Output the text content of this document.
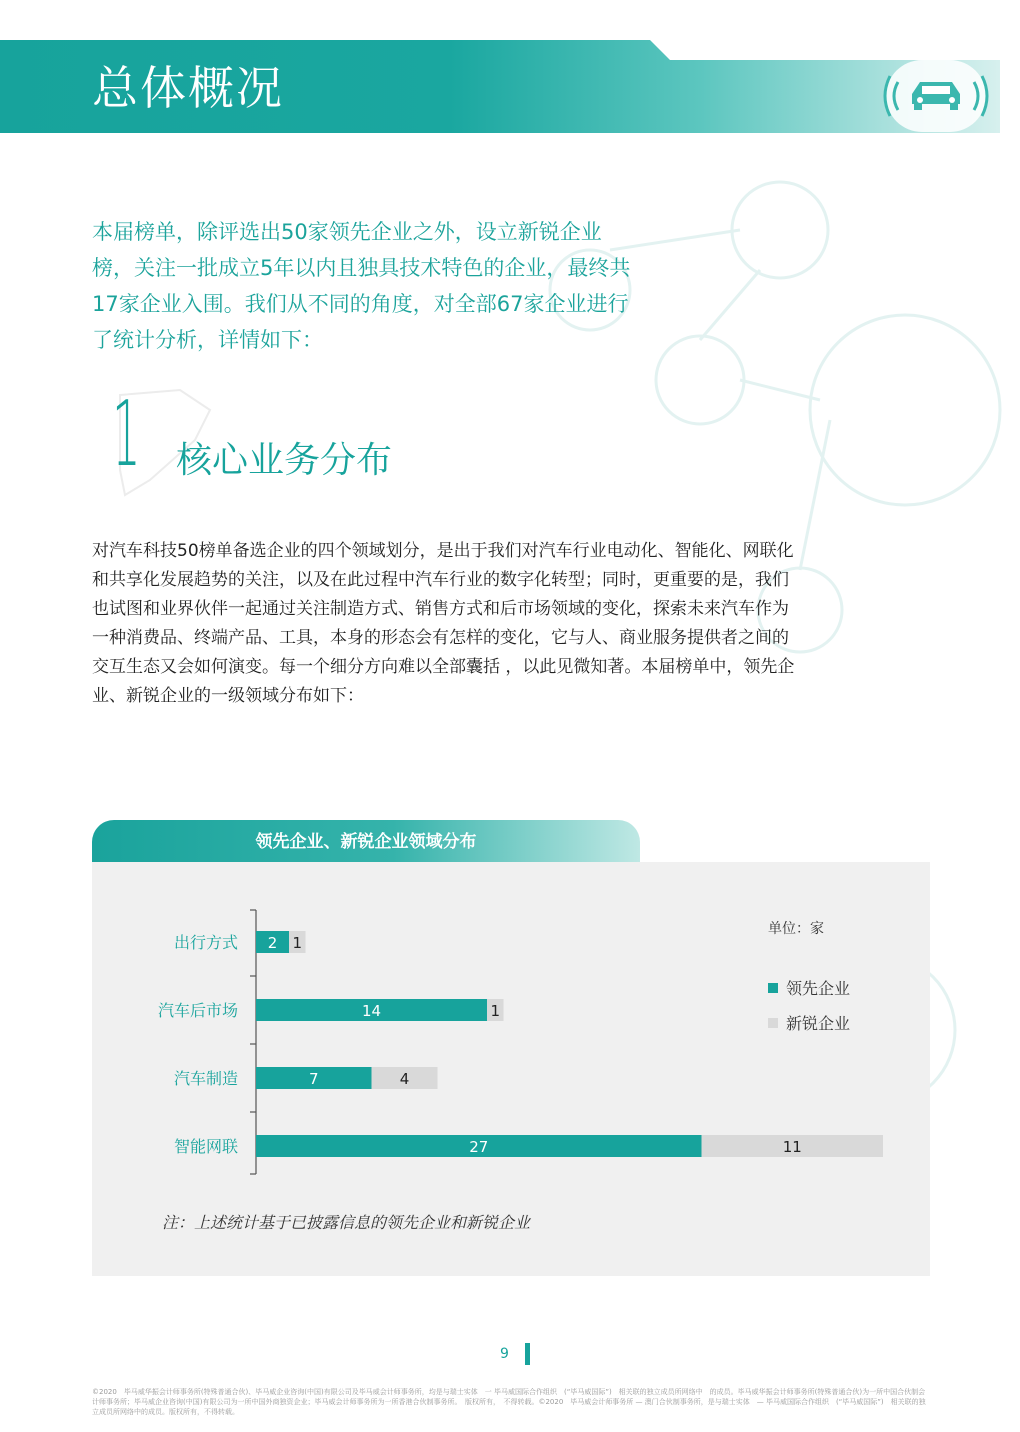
总体概况
本届榜单，除评选出50家领先企业之外，设立新锐企业榜，关注一批成立5年以内且独具技术特色的企业，最终共17家企业入围。我们从不同的角度，对全部67家企业进行了统计分析，详情如下：
1 核心业务分布
对汽车科技50榜单备选企业的四个领域划分，是出于我们对汽车行业电动化、智能化、网联化和共享化发展趋势的关注，以及在此过程中汽车行业的数字化转型；同时，更重要的是，我们也试图和业界伙伴一起通过关注制造方式、销售方式和后市场领域的变化，探索未来汽车作为一种消费品、终端产品、工具，本身的形态会有怎样的变化，它与人、商业服务提供者之间的交互生态又会如何演变。每一个细分方向难以全部囊括 ，以此见微知著。本届榜单中，领先企业、新锐企业的一级领域分布如下：
领先企业、新锐企业领域分布
出行方式 2 1
汽车后市场	14	1
汽车制造	7	4
智能网联	27	11
单位：家
领先企业
新锐企业
注：上述统计基于已披露信息的领先企业和新锐企业
9
©2020　毕马威华振会计师事务所(特殊普通合伙)、毕马威企业咨询(中国)有限公司及毕马威会计师事务所，均是与瑞士实体　一 毕马威国际合作组织　(“毕马威国际”)　相关联的独立成员所网络中　的成员。毕马威华振会计师事务所(特殊普通合伙)为一所中国合伙制会计师事务所；毕马威企业咨询(中国)有限公司为一所中国外商独资企业；毕马威会计师事务所为一所香港合伙制事务所。　版权所有，　不得转载。©2020　毕马威会计师事务所 — 澳门合伙制事务所，是与瑞士实体　— 毕马威国际合作组织　(“毕马威国际”)　相关联的独立成员所网络中的成员。版权所有，不得转载。
